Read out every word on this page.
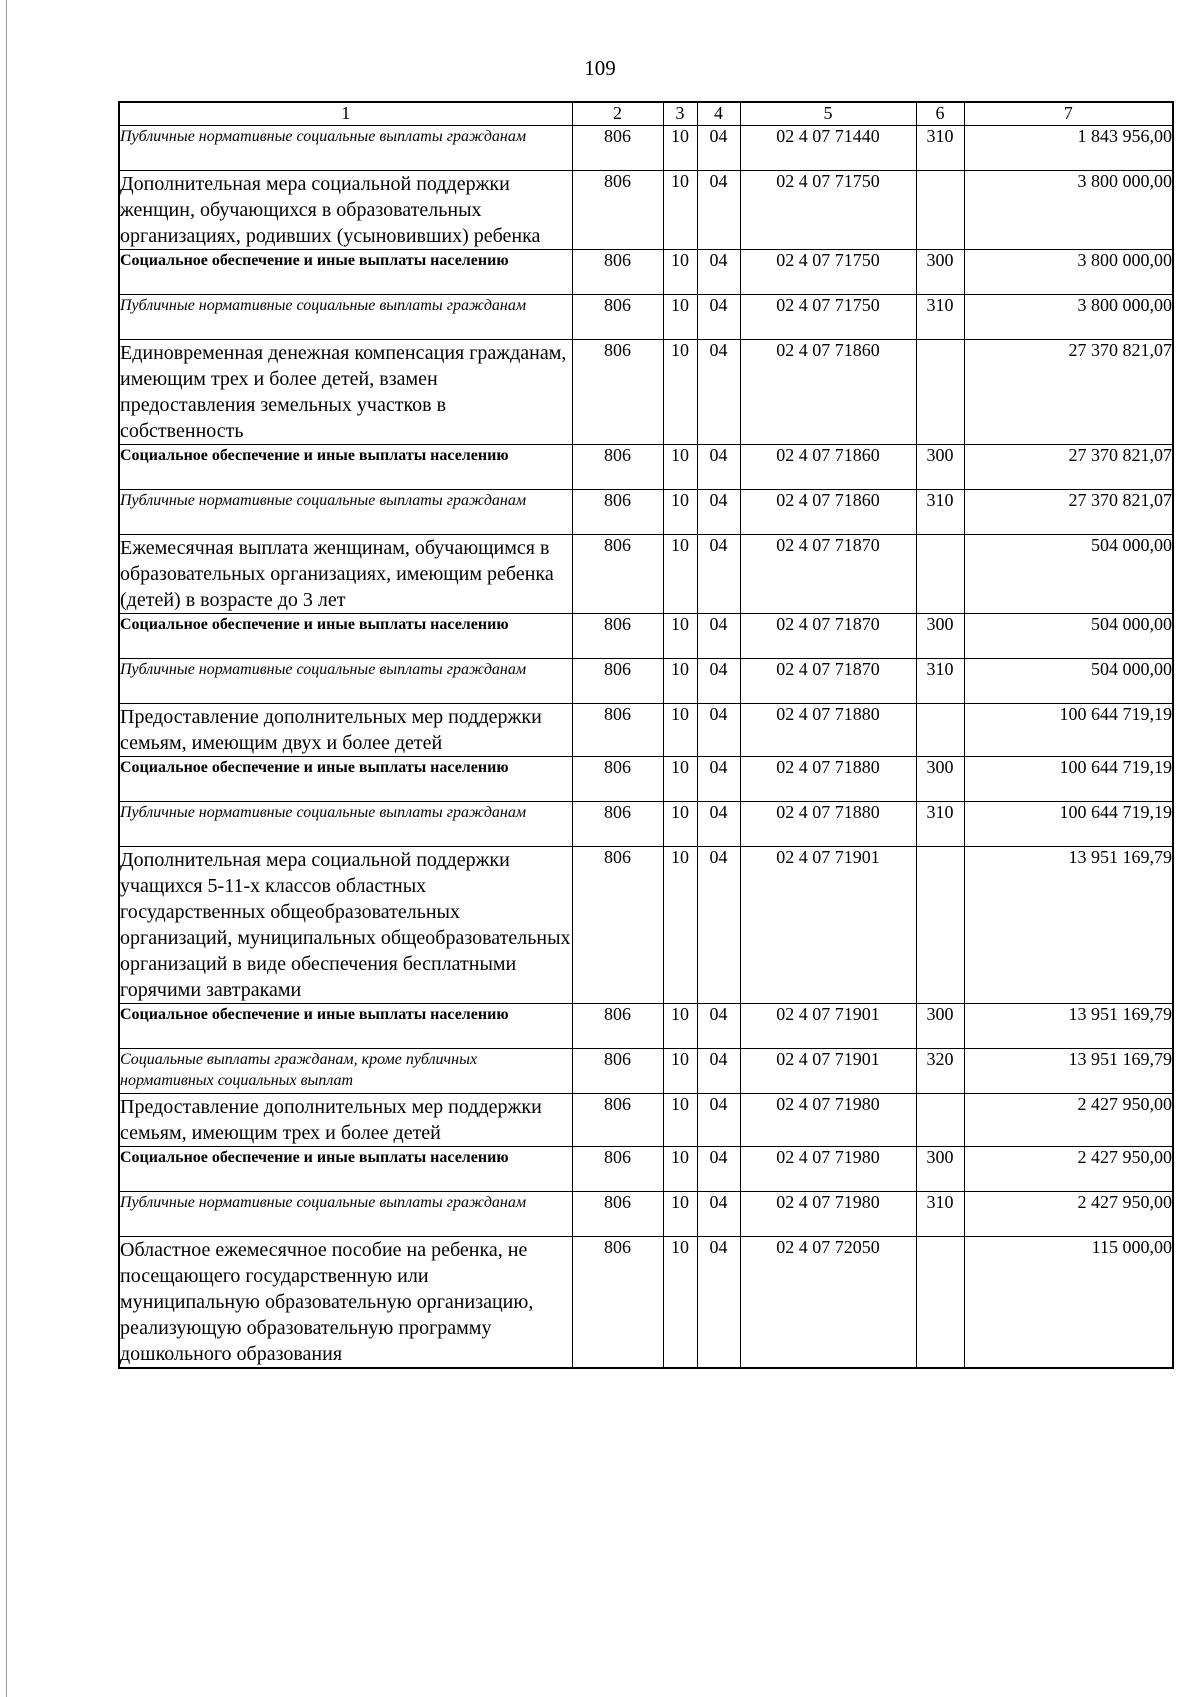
109
1	2	3	4	5	6	7
Публичные нормативные социальные выплаты гражданам	806	10	04	02 4 07 71440	310	1 843 956,00
Дополнительная мера социальной поддержки женщин, обучающихся в образовательных организациях, родивших (усыновивших) ребенка	806	10	04	02 4 07 71750		3 800 000,00
Социальное обеспечение и иные выплаты населению	806	10	04	02 4 07 71750	300	3 800 000,00
Публичные нормативные социальные выплаты гражданам	806	10	04	02 4 07 71750	310	3 800 000,00
Единовременная денежная компенсация гражданам, имеющим трех и более детей, взамен предоставления земельных участков в собственность	806	10	04	02 4 07 71860		27 370 821,07
Социальное обеспечение и иные выплаты населению	806	10	04	02 4 07 71860	300	27 370 821,07
Публичные нормативные социальные выплаты гражданам	806	10	04	02 4 07 71860	310	27 370 821,07
Ежемесячная выплата женщинам, обучающимся в образовательных организациях, имеющим ребенка (детей) в возрасте до 3 лет	806	10	04	02 4 07 71870		504 000,00
Социальное обеспечение и иные выплаты населению	806	10	04	02 4 07 71870	300	504 000,00
Публичные нормативные социальные выплаты гражданам	806	10	04	02 4 07 71870	310	504 000,00
Предоставление дополнительных мер поддержки семьям, имеющим двух и более детей	806	10	04	02 4 07 71880		100 644 719,19
Социальное обеспечение и иные выплаты населению	806	10	04	02 4 07 71880	300	100 644 719,19
Публичные нормативные социальные выплаты гражданам	806	10	04	02 4 07 71880	310	100 644 719,19
Дополнительная мера социальной поддержки учащихся 5-11-х классов областных государственных общеобразовательных организаций, муниципальных общеобразовательных организаций в виде обеспечения бесплатными горячими завтраками	806	10	04	02 4 07 71901		13 951 169,79
Социальное обеспечение и иные выплаты населению	806	10	04	02 4 07 71901	300	13 951 169,79
Социальные выплаты гражданам, кроме публичных нормативных социальных выплат	806	10	04	02 4 07 71901	320	13 951 169,79
Предоставление дополнительных мер поддержки семьям, имеющим трех и более детей	806	10	04	02 4 07 71980		2 427 950,00
Социальное обеспечение и иные выплаты населению	806	10	04	02 4 07 71980	300	2 427 950,00
Публичные нормативные социальные выплаты гражданам	806	10	04	02 4 07 71980	310	2 427 950,00
Областное ежемесячное пособие на ребенка, не посещающего государственную или муниципальную образовательную организацию, реализующую образовательную программу дошкольного образования	806	10	04	02 4 07 72050		115 000,00
